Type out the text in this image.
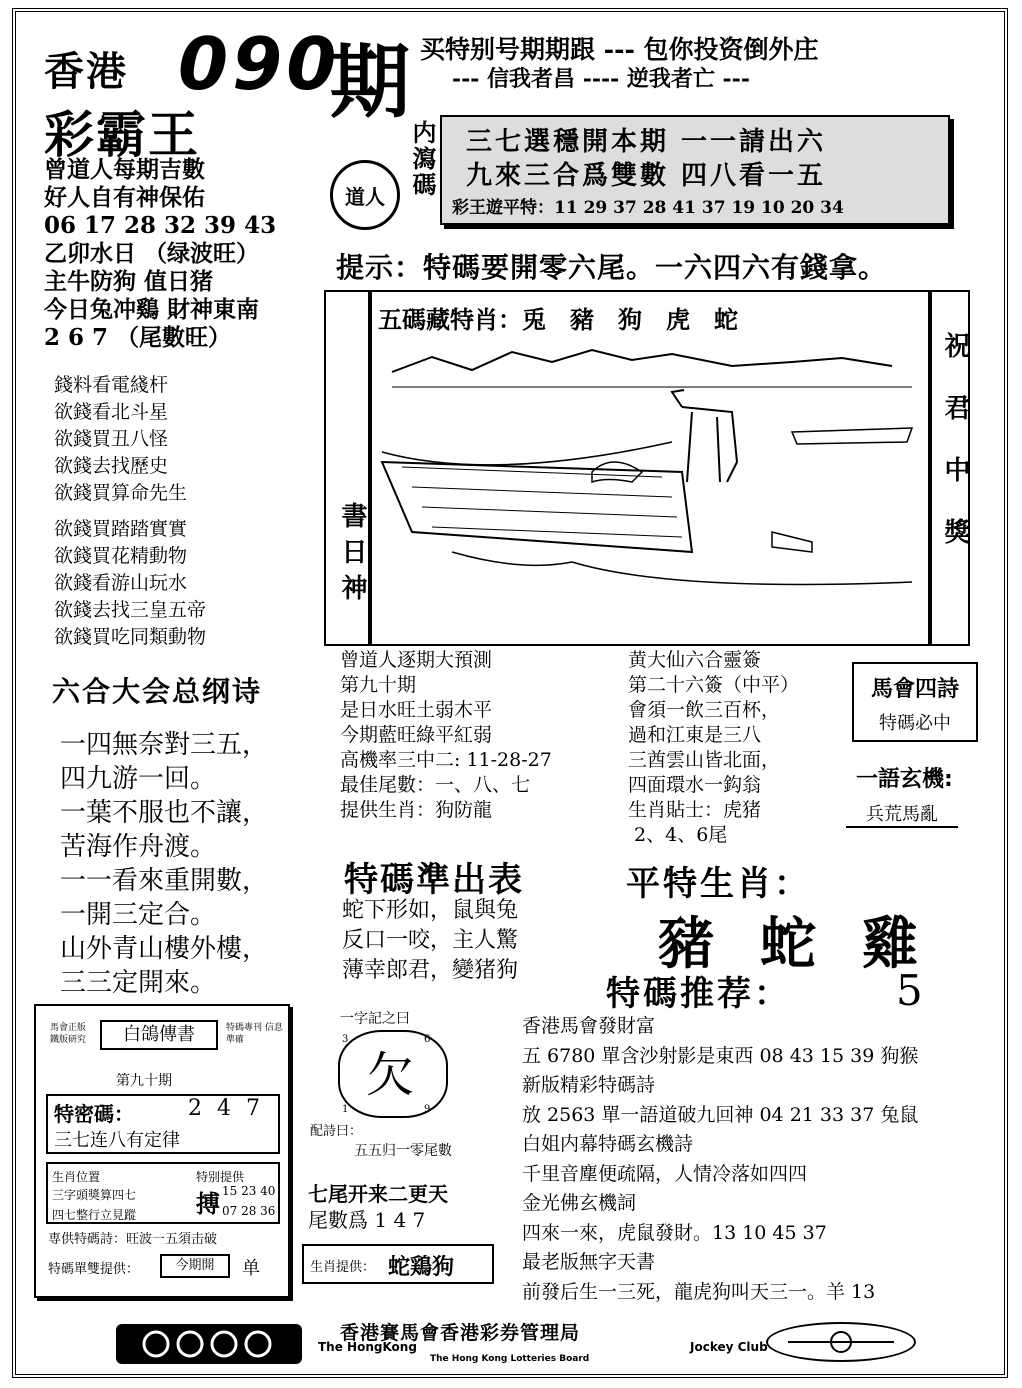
香港 090
期
彩霸王
买特别号期期跟 --- 包你投资倒外庄
--- 信我者昌 ---- 逆我者亡 ---
曾道人每期吉數
好人自有神保佑
06 17 28 32 39 43
乙卯水日 （绿波旺）
主牛防狗 值日猪
今日兔冲鷄 財神東南
2 6 7 （尾數旺）
道人 内瀉碼 三七選穩開本期 一一請出六
九來三合爲雙數 四八看一五
彩王遊平特：11 29 37 28 41 37 19 10 20 34
提示：特碼要開零六尾。一六四六有錢拿。
錢料看電綫杆
欲錢看北斗星
欲錢買丑八怪
欲錢去找歷史
欲錢買算命先生
欲錢買踏踏實實
欲錢買花精動物
欲錢看游山玩水
欲錢去找三皇五帝
欲錢買吃同類動物
書日神
五碼藏特肖：兎　豬　狗　虎　蛇
祝君中獎
六合大会总纲诗
一四無奈對三五，
四九游一回。
一葉不服也不讓，
苦海作舟渡。
一一看來重開數，
一開三定合。
山外青山樓外樓，
三三定開來。
曾道人逐期大預測
第九十期
是日水旺土弱木平
今期藍旺綠平紅弱
高機率三中二: 11-28-27
最佳尾數：一、八、七
提供生肖：狗防龍
黄大仙六合靈簽
第二十六簽（中平）
會須一飲三百杯，
過和江東是三八
三酋雲山皆北面，
四面環水一鈎翁
生肖貼士：虎猪
2、4、6尾
馬會四詩
特碼必中
一語玄機:
兵荒馬亂
特碼準出表
蛇下形如，鼠與兔
反口一咬，主人驚
薄幸郎君，變猪狗
平特生肖：
豬 蛇 雞
特碼推荐：	5
白鴿傳書
馬會正版 鐵版研究
特碼專刊 信息準確
第九十期
特密碼： 2 4 7
三七连八有定律
生肖位置
三字頭獎算四七
四七整行立見蹤
特别提供
搏 15 23 40
07 28 36
専供特碼詩：旺波一五須击破
特碼單雙提供：	今期開	单
一字記之曰
3	6
1	9
欠
配詩曰：
五五归一零尾數
七尾开来二更天
尾數爲 1 4 7
生肖提供： 蛇鶏狗
香港馬會發財富
五 6780 單含沙射影是東西 08 43 15 39 狗猴
新版精彩特碼詩
放 2563 單一語道破九回神 04 21 33 37 兔鼠
白姐内幕特碼玄機詩
千里音塵便疏隔，人情冷落如四四
金光佛玄機詞
四來一來，虎鼠發財。13 10 45 37
最老版無字天書
前發后生一三死，龍虎狗叫天三一。羊 13
香港賽馬會香港彩券管理局
The HongKong	Jockey Club
The Hong Kong Lotteries Board
